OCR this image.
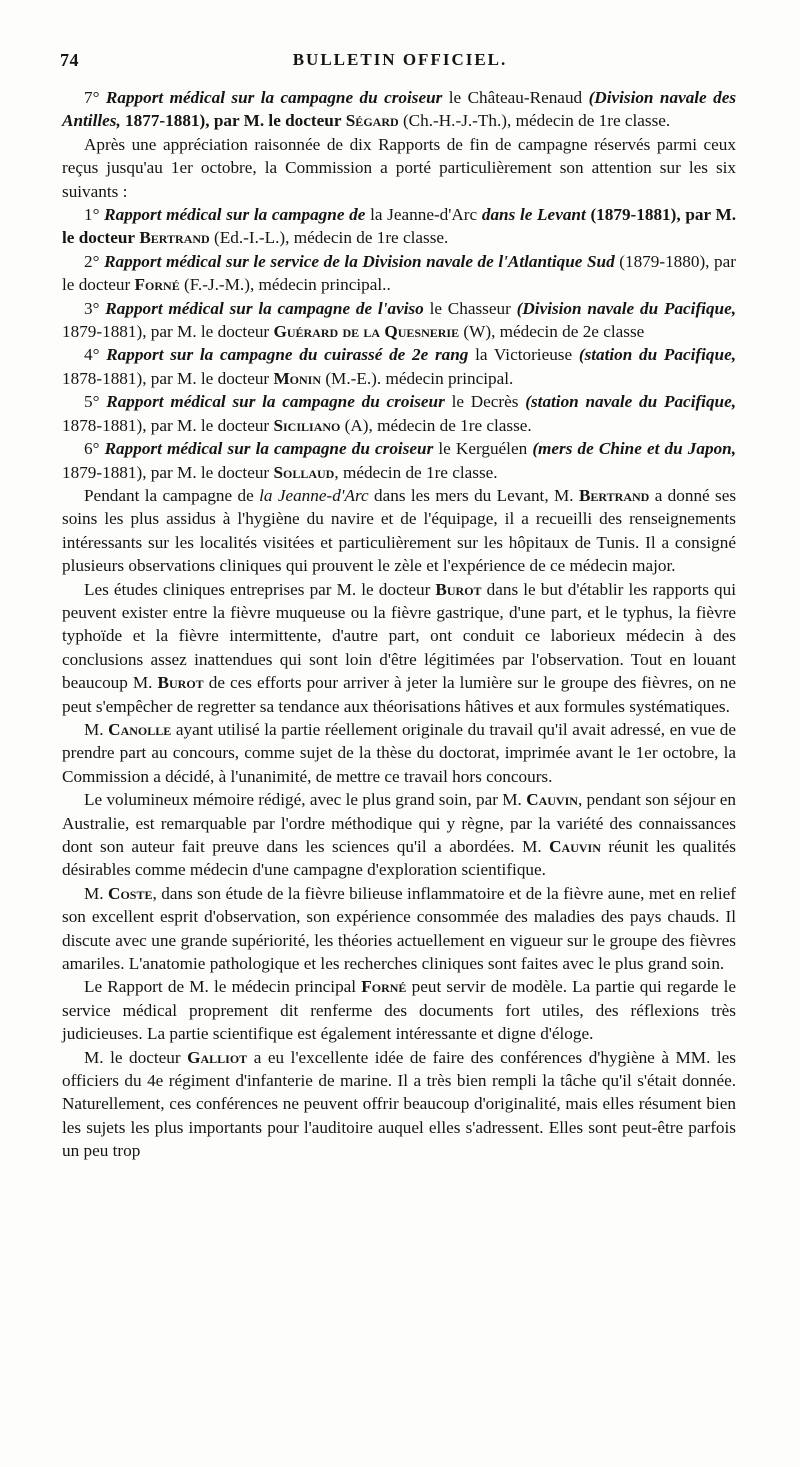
74	BULLETIN OFFICIEL.

7° Rapport médical sur la campagne du croiseur le Château-Renaud (Division navale des Antilles, 1877-1881), par M. le docteur Ségard (Ch.-H.-J.-Th.), médecin de 1re classe.

Après une appréciation raisonnée de dix Rapports de fin de campagne réservés parmi ceux reçus jusqu'au 1er octobre, la Commission a porté particulièrement son attention sur les six suivants :

1° Rapport médical sur la campagne de la Jeanne-d'Arc dans le Levant (1879-1881), par M. le docteur Bertrand (Ed.-I.-L.), médecin de 1re classe.

2° Rapport médical sur le service de la Division navale de l'Atlantique Sud (1879-1880), par le docteur Forné (F.-J.-M.), médecin principal..

3° Rapport médical sur la campagne de l'aviso le Chasseur (Division navale du Pacifique, 1879-1881), par M. le docteur Guérard de la Quesnerie (W), médecin de 2e classe

4° Rapport sur la campagne du cuirassé de 2e rang la Victorieuse (station du Pacifique, 1878-1881), par M. le docteur Monin (M.-E.). médecin principal.

5° Rapport médical sur la campagne du croiseur le Decrès (station navale du Pacifique, 1878-1881), par M. le docteur Siciliano (A), médecin de 1re classe.

6° Rapport médical sur la campagne du croiseur le Kerguélen (mers de Chine et du Japon, 1879-1881), par M. le docteur Sollaud, médecin de 1re classe.

Pendant la campagne de la Jeanne-d'Arc dans les mers du Levant, M. Bertrand a donné ses soins les plus assidus à l'hygiène du navire et de l'équipage, il a recueilli des renseignements intéressants sur les localités visitées et particulièrement sur les hôpitaux de Tunis. Il a consigné plusieurs observations cliniques qui prouvent le zèle et l'expérience de ce médecin major.

Les études cliniques entreprises par M. le docteur Burot dans le but d'établir les rapports qui peuvent exister entre la fièvre muqueuse ou la fièvre gastrique, d'une part, et le typhus, la fièvre typhoïde et la fièvre intermittente, d'autre part, ont conduit ce laborieux médecin à des conclusions assez inattendues qui sont loin d'être légitimées par l'observation. Tout en louant beaucoup M. Burot de ces efforts pour arriver à jeter la lumière sur le groupe des fièvres, on ne peut s'empêcher de regretter sa tendance aux théorisations hâtives et aux formules systématiques.

M. Canolle ayant utilisé la partie réellement originale du travail qu'il avait adressé, en vue de prendre part au concours, comme sujet de la thèse du doctorat, imprimée avant le 1er octobre, la Commission a décidé, à l'unanimité, de mettre ce travail hors concours.

Le volumineux mémoire rédigé, avec le plus grand soin, par M. Cauvin, pendant son séjour en Australie, est remarquable par l'ordre méthodique qui y règne, par la variété des connaissances dont son auteur fait preuve dans les sciences qu'il a abordées. M. Cauvin réunit les qualités désirables comme médecin d'une campagne d'exploration scientifique.

M. Coste, dans son étude de la fièvre bilieuse inflammatoire et de la fièvre aune, met en relief son excellent esprit d'observation, son expérience consommée des maladies des pays chauds. Il discute avec une grande supériorité, les théories actuellement en vigueur sur le groupe des fièvres amariles. L'anatomie pathologique et les recherches cliniques sont faites avec le plus grand soin.

Le Rapport de M. le médecin principal Forné peut servir de modèle. La partie qui regarde le service médical proprement dit renferme des documents fort utiles, des réflexions très judicieuses. La partie scientifique est également intéressante et digne d'éloge.

M. le docteur Galliot a eu l'excellente idée de faire des conférences d'hygiène à MM. les officiers du 4e régiment d'infanterie de marine. Il a très bien rempli la tâche qu'il s'était donnée. Naturellement, ces conférences ne peuvent offrir beaucoup d'originalité, mais elles résument bien les sujets les plus importants pour l'auditoire auquel elles s'adressent. Elles sont peut-être parfois un peu trop
